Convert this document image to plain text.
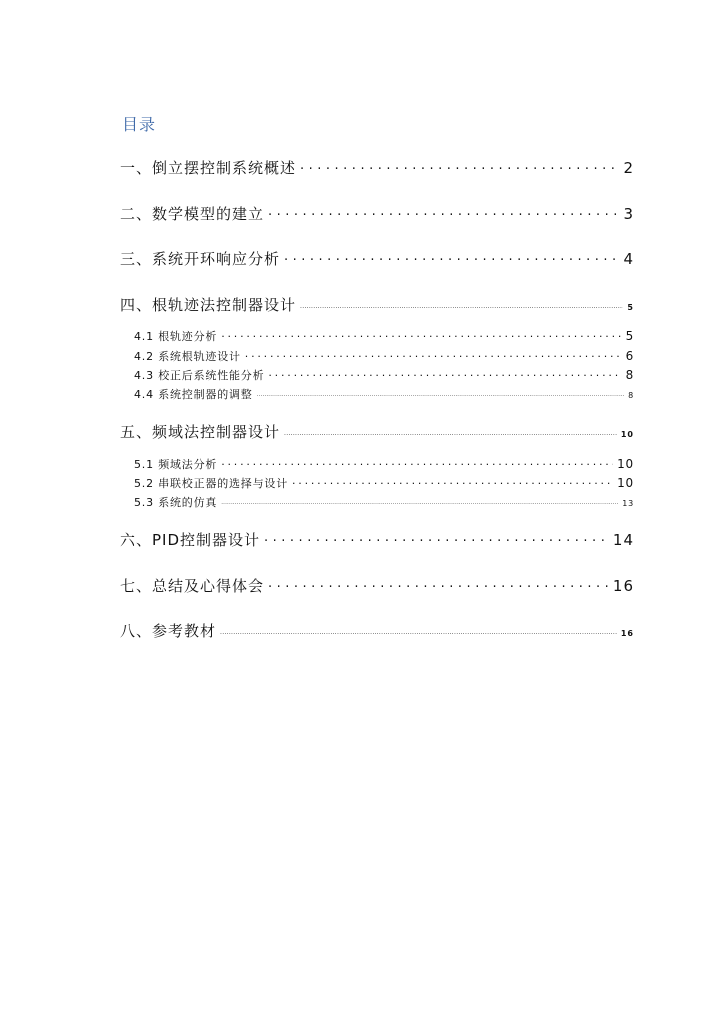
目录
一、倒立摆控制系统概述 .....	2
二、数学模型的建立 .....	3
三、系统开环响应分析 .....	4
四、根轨迹法控制器设计 .....	5
4.1 根轨迹分析 .....	5
4.2 系统根轨迹设计 .....	6
4.3 校正后系统性能分析 .....	8
4.4 系统控制器的调整 .....	8
五、频域法控制器设计 .....	10
5.1 频域法分析 .....	10
5.2 串联校正器的选择与设计 .....	10
5.3 系统的仿真 .....	13
六、PID控制器设计 .....	14
七、总结及心得体会 .....	16
八、参考教材 .....	16
